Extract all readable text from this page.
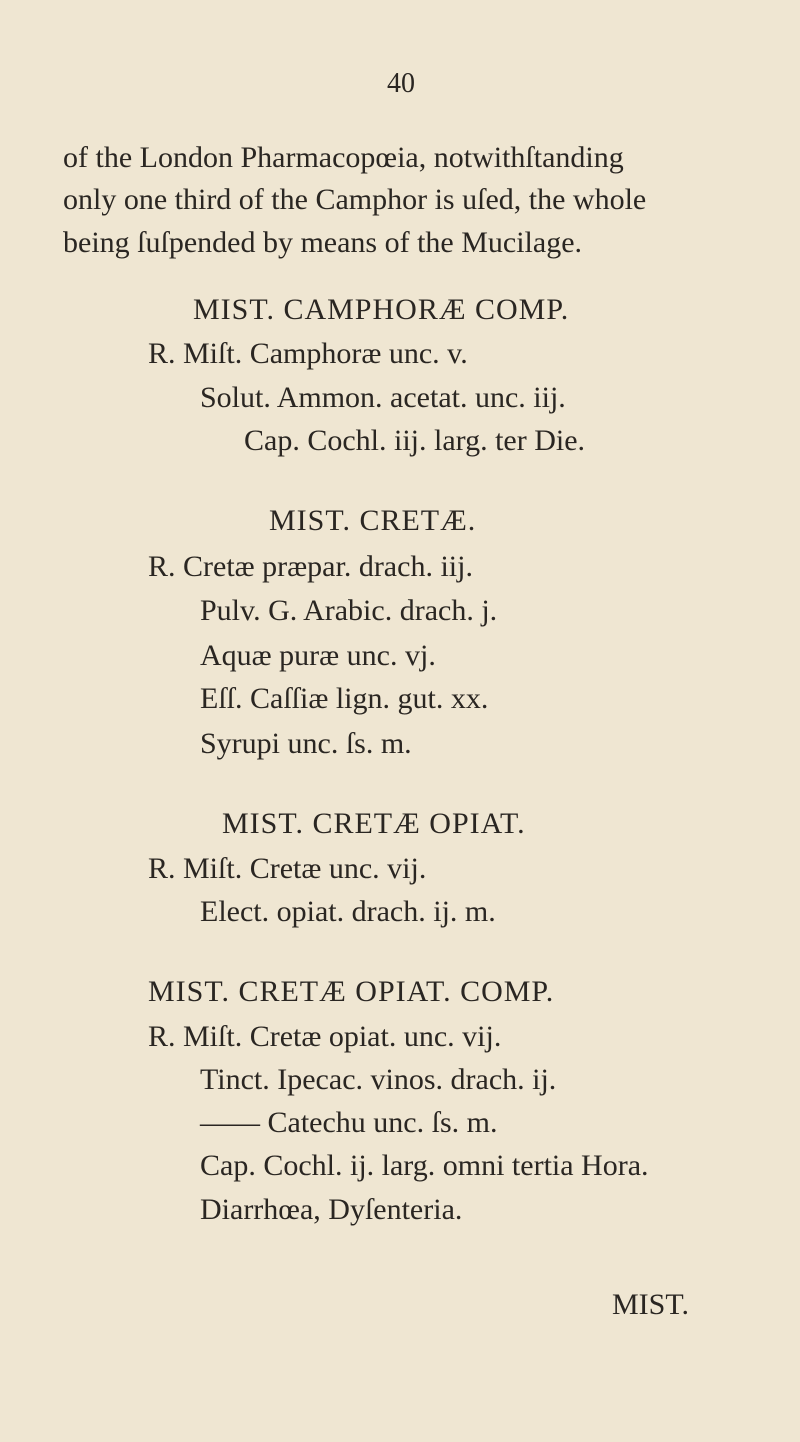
40
of the London Pharmacopœia, notwithſtanding
only one third of the Camphor is uſed, the whole
being ſuſpended by means of the Mucilage.
MIST. CAMPHORÆ COMP.
R. Miſt. Camphoræ unc. v.
Solut. Ammon. acetat. unc. iij.
Cap. Cochl. iij. larg. ter Die.
MIST. CRETÆ.
R. Cretæ præpar. drach. iij.
Pulv. G. Arabic. drach. j.
Aquæ puræ unc. vj.
Eſſ. Caſſiæ lign. gut. xx.
Syrupi unc. ſs. m.
MIST. CRETÆ OPIAT.
R. Miſt. Cretæ unc. vij.
Elect. opiat. drach. ij. m.
MIST. CRETÆ OPIAT. COMP.
R. Miſt. Cretæ opiat. unc. vij.
Tinct. Ipecac. vinos. drach. ij.
—— Catechu unc. ſs. m.
Cap. Cochl. ij. larg. omni tertia Hora.
Diarrhœa, Dyſenteria.
MIST.
